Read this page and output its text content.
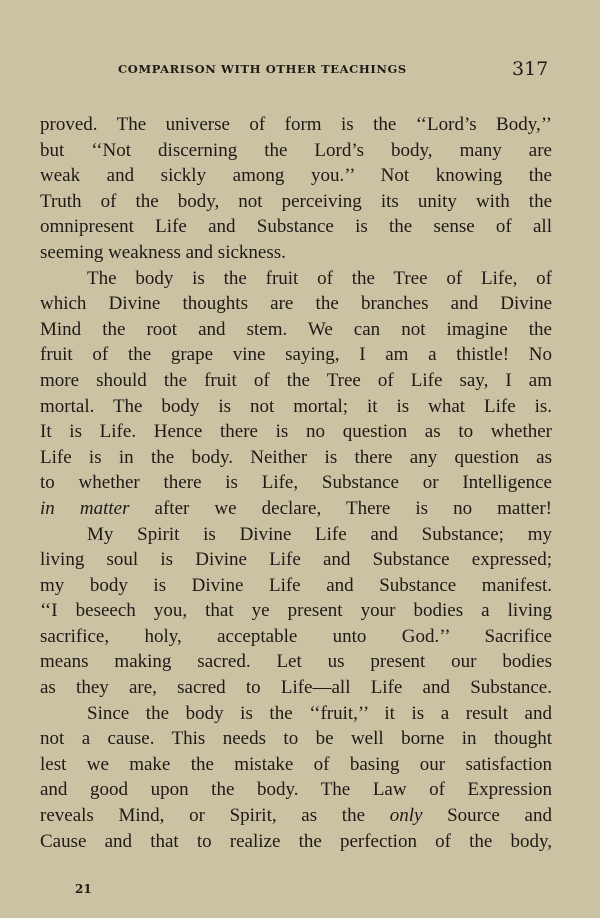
COMPARISON WITH OTHER TEACHINGS	317
proved. The universe of form is the ‘‘Lord’s Body,’’
but ‘‘Not discerning the Lord’s body, many are
weak and sickly among you.’’ Not knowing the
Truth of the body, not perceiving its unity with the
omnipresent Life and Substance is the sense of all
seeming weakness and sickness.
The body is the fruit of the Tree of Life, of
which Divine thoughts are the branches and Divine
Mind the root and stem. We can not imagine the
fruit of the grape vine saying, I am a thistle! No
more should the fruit of the Tree of Life say, I am
mortal. The body is not mortal; it is what Life is.
It is Life. Hence there is no question as to whether
Life is in the body. Neither is there any question as
to whether there is Life, Substance or Intelligence
in matter after we declare, There is no matter!
My Spirit is Divine Life and Substance; my
living soul is Divine Life and Substance expressed;
my body is Divine Life and Substance manifest.
‘‘I beseech you, that ye present your bodies a living
sacrifice, holy, acceptable unto God.’’ Sacrifice
means making sacred. Let us present our bodies
as they are, sacred to Life—all Life and Substance.
Since the body is the ‘‘fruit,’’ it is a result and
not a cause. This needs to be well borne in thought
lest we make the mistake of basing our satisfaction
and good upon the body. The Law of Expression
reveals Mind, or Spirit, as the only Source and
Cause and that to realize the perfection of the body,
21
